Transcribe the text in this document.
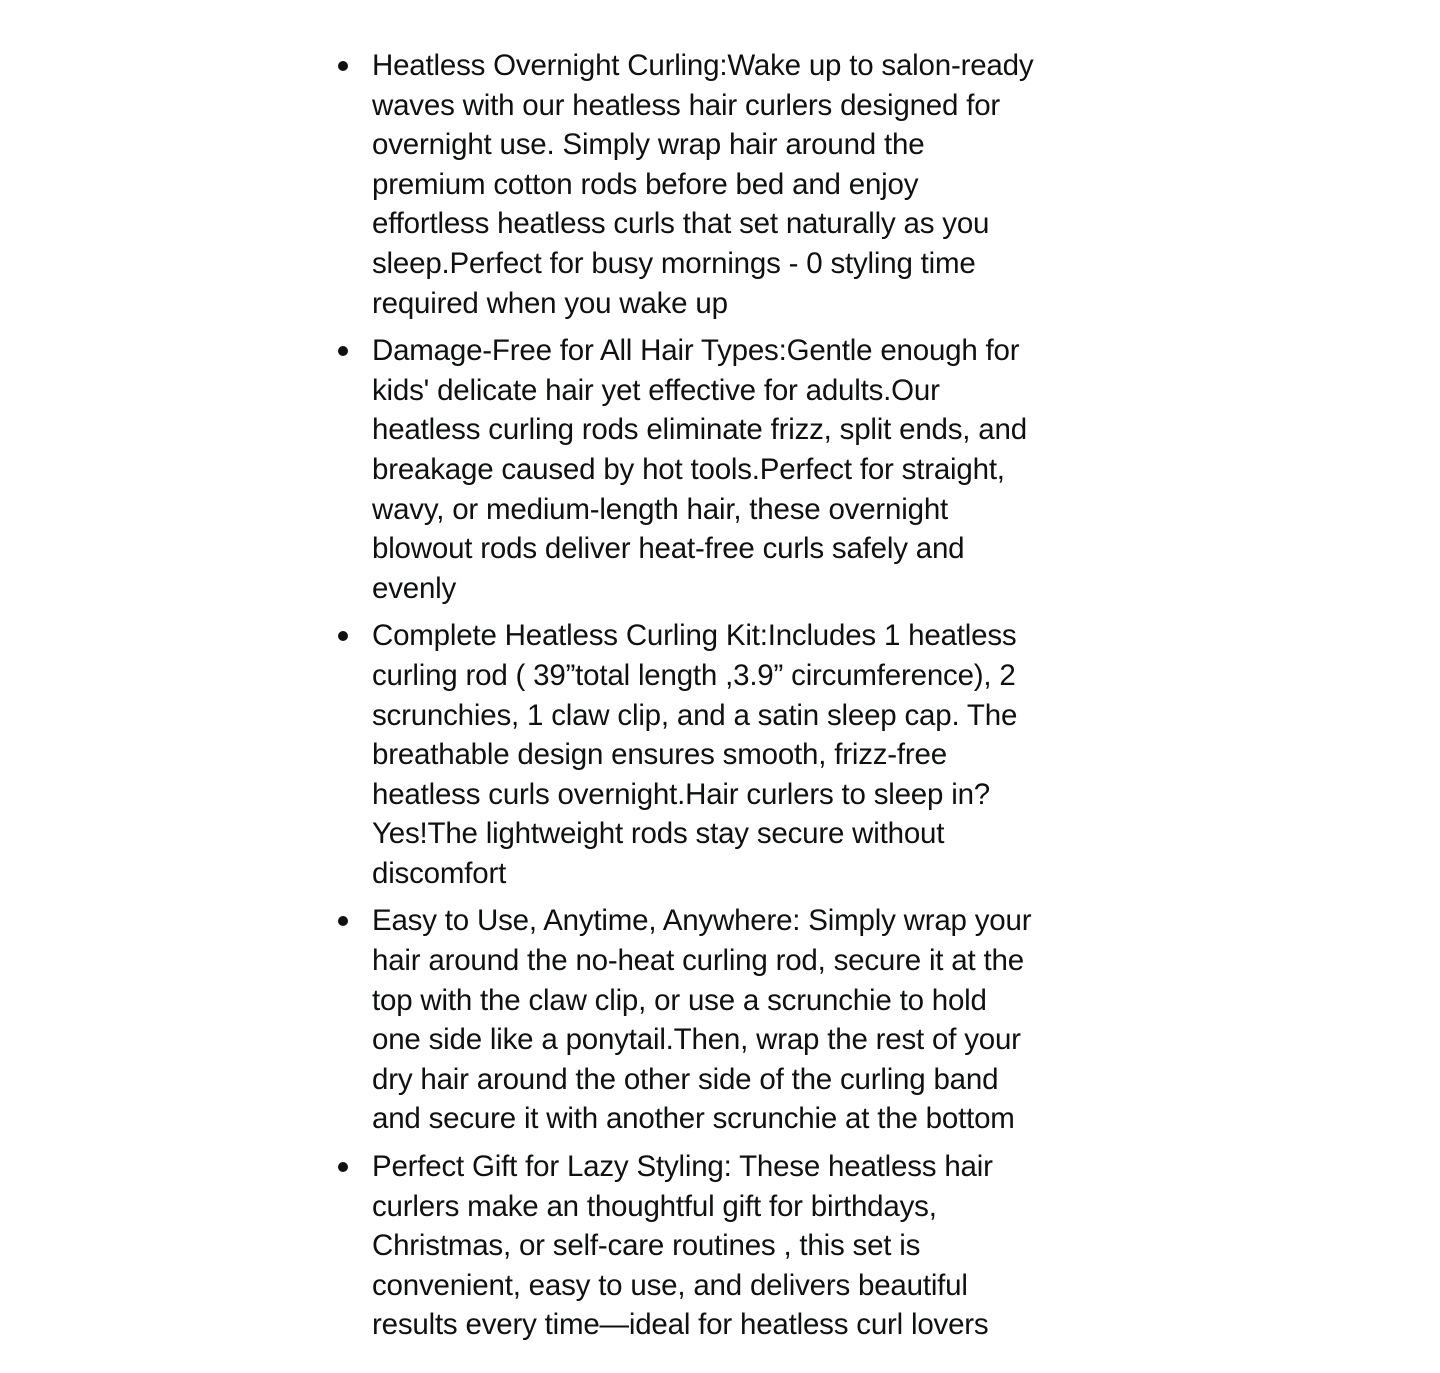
Heatless Overnight Curling:Wake up to salon-ready
waves with our heatless hair curlers designed for
overnight use. Simply wrap hair around the
premium cotton rods before bed and enjoy
effortless heatless curls that set naturally as you
sleep.Perfect for busy mornings - 0 styling time
required when you wake up
Damage-Free for All Hair Types:Gentle enough for
kids' delicate hair yet effective for adults.Our
heatless curling rods eliminate frizz, split ends, and
breakage caused by hot tools.Perfect for straight,
wavy, or medium-length hair, these overnight
blowout rods deliver heat-free curls safely and
evenly
Complete Heatless Curling Kit:Includes 1 heatless
curling rod ( 39”total length ,3.9” circumference), 2
scrunchies, 1 claw clip, and a satin sleep cap. The
breathable design ensures smooth, frizz-free
heatless curls overnight.Hair curlers to sleep in?
Yes!The lightweight rods stay secure without
discomfort
Easy to Use, Anytime, Anywhere: Simply wrap your
hair around the no-heat curling rod, secure it at the
top with the claw clip, or use a scrunchie to hold
one side like a ponytail.Then, wrap the rest of your
dry hair around the other side of the curling band
and secure it with another scrunchie at the bottom
Perfect Gift for Lazy Styling: These heatless hair
curlers make an thoughtful gift for birthdays,
Christmas, or self-care routines , this set is
convenient, easy to use, and delivers beautiful
results every time—ideal for heatless curl lovers
